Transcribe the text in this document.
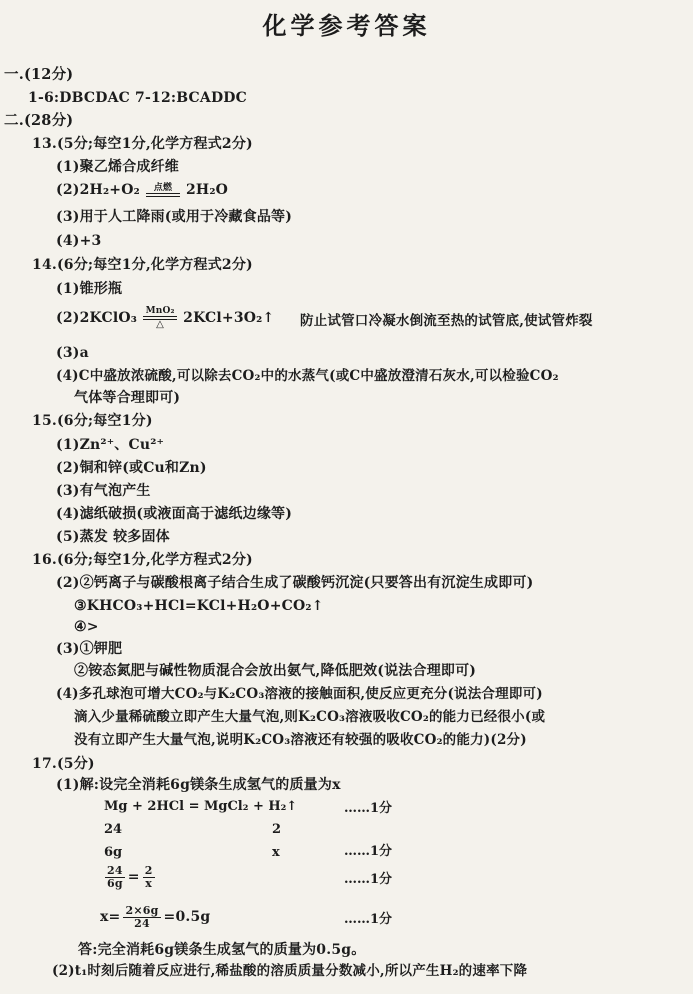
化学参考答案
一.(12分)
1-6:DBCDAC 7-12:BCADDC
二.(28分)
13.(5分;每空1分,化学方程式2分)
(1)聚乙烯合成纤维
(2)2H₂+O₂	点燃 2H₂O
(3)用于人工降雨(或用于冷藏食品等)
(4)+3
14.(6分;每空1分,化学方程式2分)
(1)锥形瓶
(2)2KClO₃ MnO₂
△	2KCl+3O₂↑ 防止试管口冷凝水倒流至热的试管底,使试管炸裂
(3)a
(4)C中盛放浓硫酸,可以除去CO₂中的水蒸气(或C中盛放澄清石灰水,可以检验CO₂
气体等合理即可)
15.(6分;每空1分)
(1)Zn²⁺、Cu²⁺
(2)铜和锌(或Cu和Zn)
(3)有气泡产生
(4)滤纸破损(或液面高于滤纸边缘等)
(5)蒸发 较多固体
16.(6分;每空1分,化学方程式2分)
(2)②钙离子与碳酸根离子结合生成了碳酸钙沉淀(只要答出有沉淀生成即可)
③KHCO₃+HCl=KCl+H₂O+CO₂↑
④>
(3)①钾肥
②铵态氮肥与碱性物质混合会放出氨气,降低肥效(说法合理即可)
(4)多孔球泡可增大CO₂与K₂CO₃溶液的接触面积,使反应更充分(说法合理即可)
滴入少量稀硫酸立即产生大量气泡,则K₂CO₃溶液吸收CO₂的能力已经很小(或
没有立即产生大量气泡,说明K₂CO₃溶液还有较强的吸收CO₂的能力)(2分)
17.(5分)
(1)解:设完全消耗6g镁条生成氢气的质量为x
Mg + 2HCl = MgCl₂ + H₂↑	……1分
24	2
6g	x	……1分
$\frac{24}{6g} = \frac{2}{x}$	……1分
$x= \frac{2\times 6g}{24} =0.5g$	……1分
答:完全消耗6g镁条生成氢气的质量为0.5g。
(2)t₁时刻后随着反应进行,稀盐酸的溶质质量分数减小,所以产生H₂的速率下降
